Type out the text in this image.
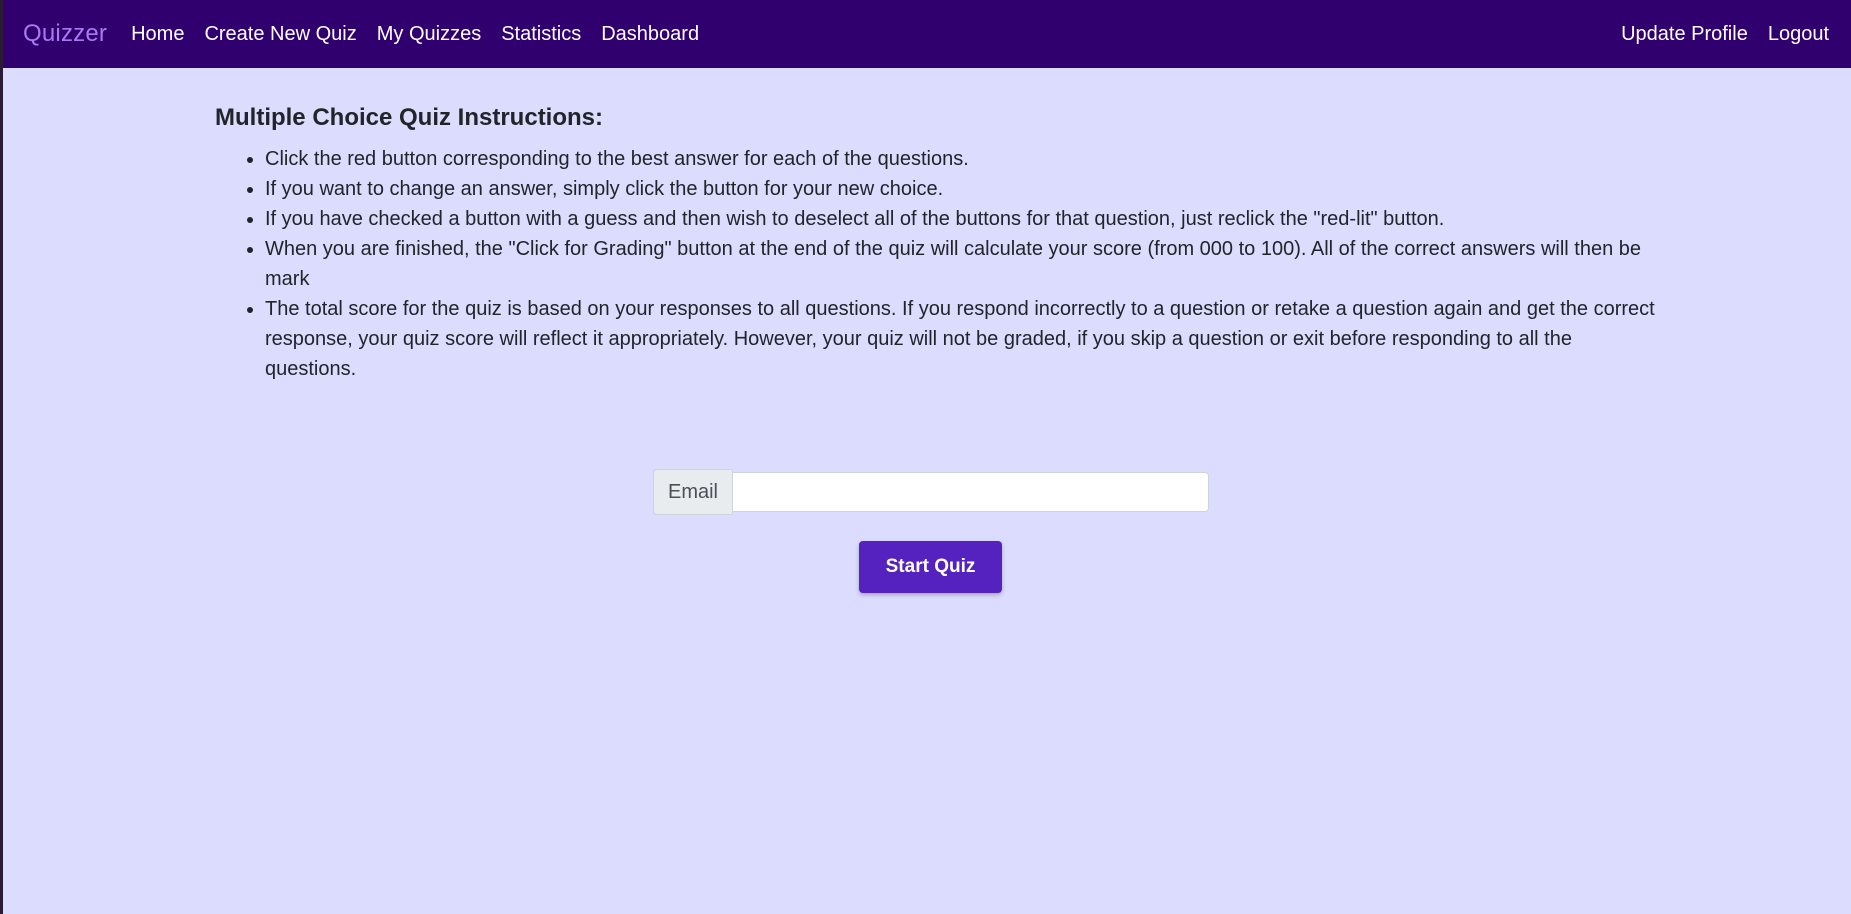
Quizzer	Home	Create New Quiz	My Quizzes	Statistics	Dashboard	Update Profile	Logout
Multiple Choice Quiz Instructions:
• Click the red button corresponding to the best answer for each of the questions.
• If you want to change an answer, simply click the button for your new choice.
• If you have checked a button with a guess and then wish to deselect all of the buttons for that question, just reclick the "red-lit" button.
• When you are finished, the "Click for Grading" button at the end of the quiz will calculate your score (from 000 to 100). All of the correct answers will then be mark
• The total score for the quiz is based on your responses to all questions. If you respond incorrectly to a question or retake a question again and get the correct response, your quiz score will reflect it appropriately. However, your quiz will not be graded, if you skip a question or exit before responding to all the questions.
Email
Start Quiz
